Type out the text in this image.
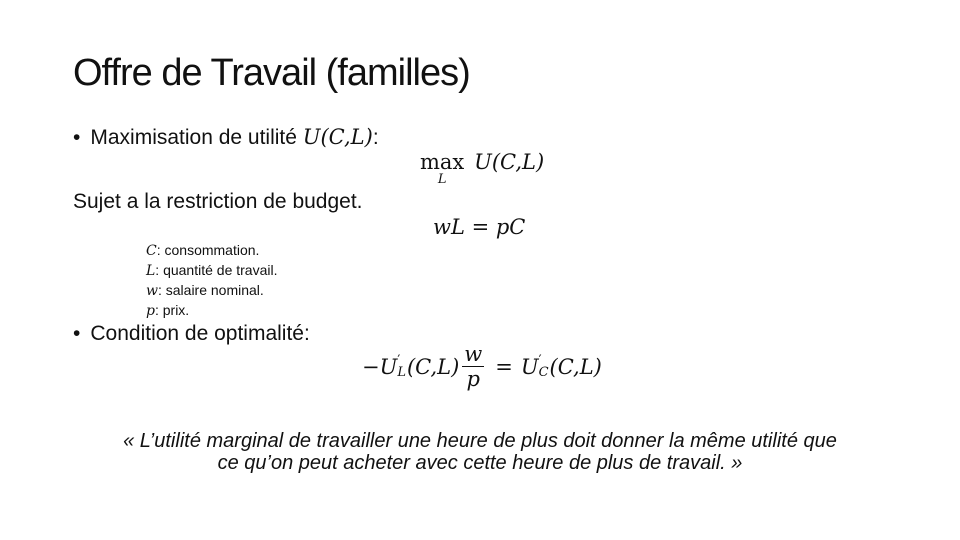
Offre de Travail (familles)
• Maximisation de utilité U(C,L):
max
L
U(C,L)
Sujet a la restriction de budget.
wL = pC
C: consommation.
L: quantité de travail.
w: salaire nominal.
p: prix.
• Condition de optimalité:
− U ′
L $(C,L) \frac{w}{p} = U$ ′
C (C,L)
« L’utilité marginal de travailler une heure de plus doit donner la même utilité que
ce qu’on peut acheter avec cette heure de plus de travail. »
